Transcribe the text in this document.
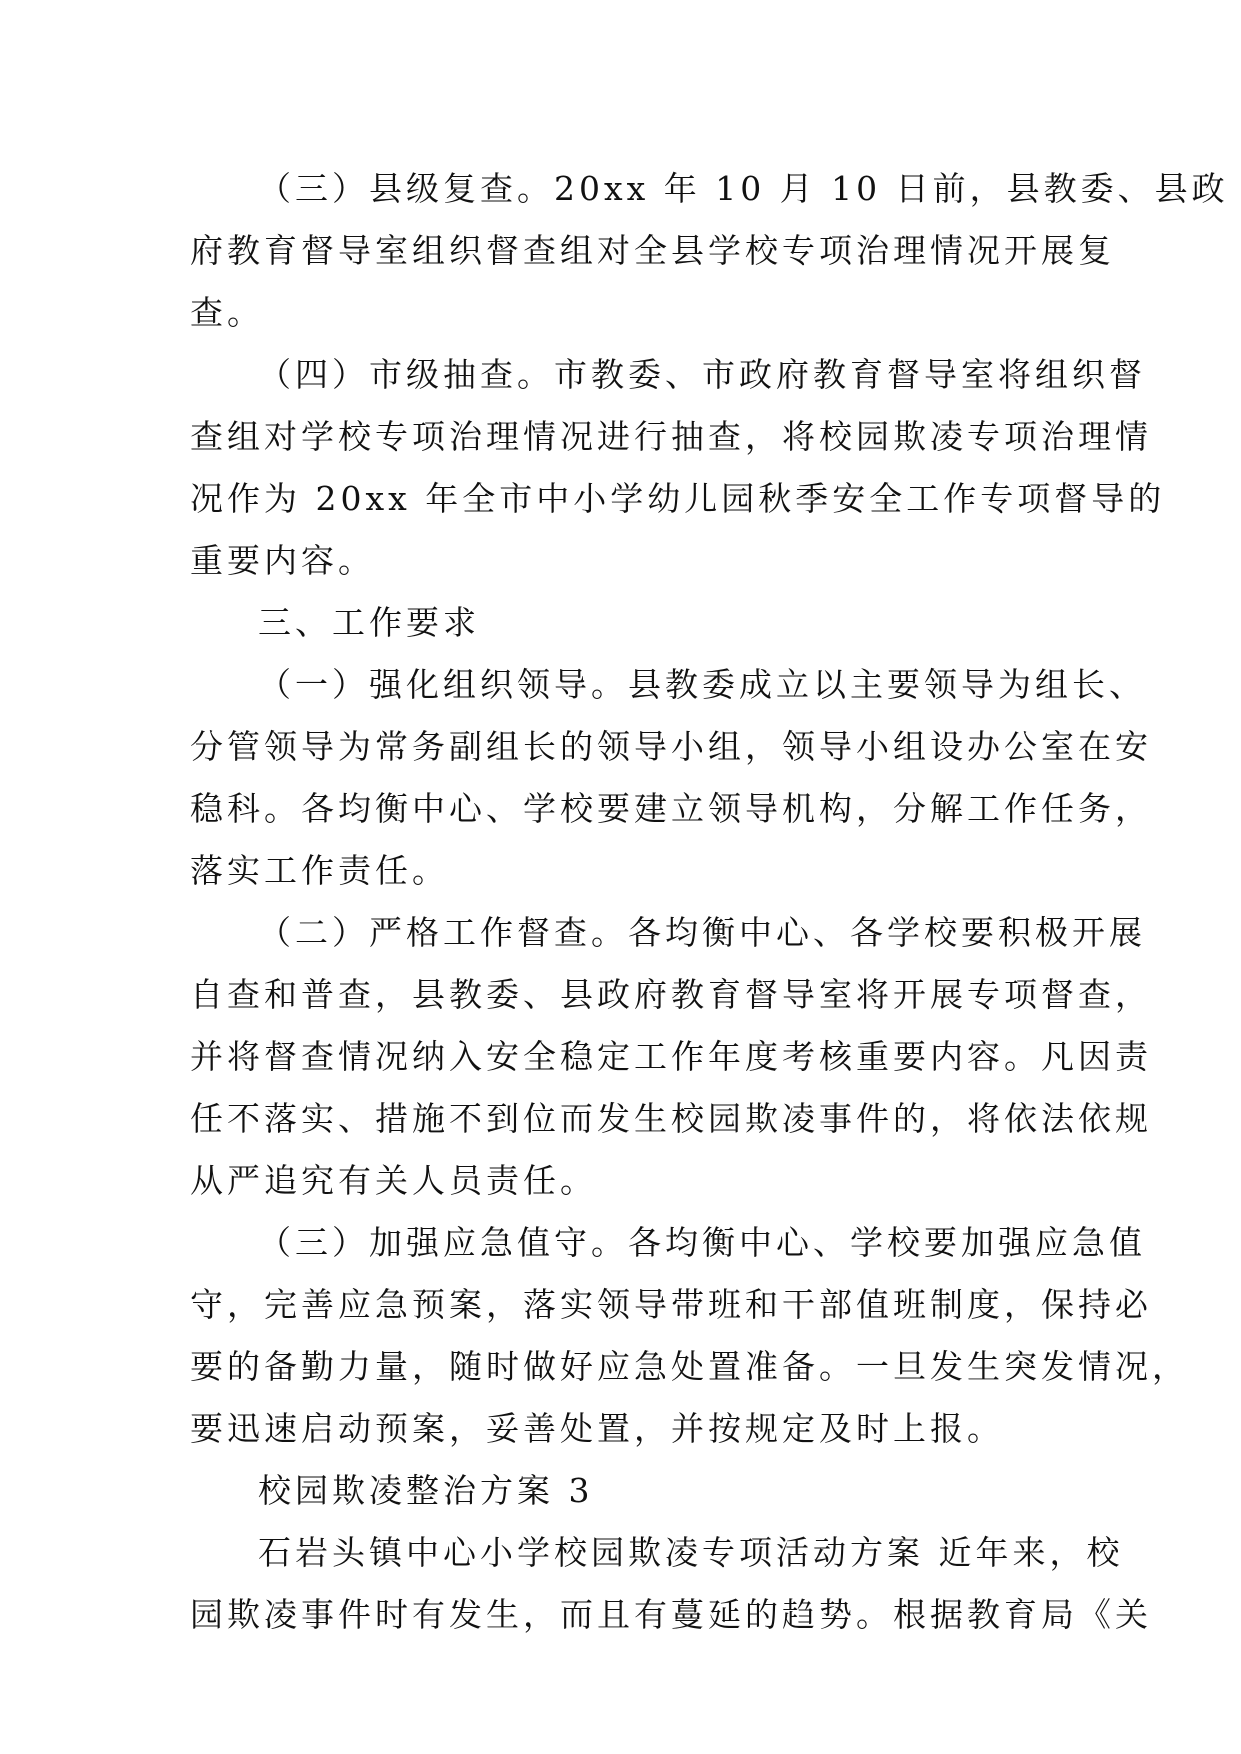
（三）县级复查。20xx 年 10 月 10 日前，县教委、县政
府教育督导室组织督查组对全县学校专项治理情况开展复
查。
（四）市级抽查。市教委、市政府教育督导室将组织督
查组对学校专项治理情况进行抽查，将校园欺凌专项治理情
况作为 20xx 年全市中小学幼儿园秋季安全工作专项督导的
重要内容。
三、工作要求
（一）强化组织领导。县教委成立以主要领导为组长、
分管领导为常务副组长的领导小组，领导小组设办公室在安
稳科。各均衡中心、学校要建立领导机构，分解工作任务，
落实工作责任。
（二）严格工作督查。各均衡中心、各学校要积极开展
自查和普查，县教委、县政府教育督导室将开展专项督查，
并将督查情况纳入安全稳定工作年度考核重要内容。凡因责
任不落实、措施不到位而发生校园欺凌事件的，将依法依规
从严追究有关人员责任。
（三）加强应急值守。各均衡中心、学校要加强应急值
守，完善应急预案，落实领导带班和干部值班制度，保持必
要的备勤力量，随时做好应急处置准备。一旦发生突发情况，
要迅速启动预案，妥善处置，并按规定及时上报。
校园欺凌整治方案 3
石岩头镇中心小学校园欺凌专项活动方案 近年来，校
园欺凌事件时有发生，而且有蔓延的趋势。根据教育局《关
